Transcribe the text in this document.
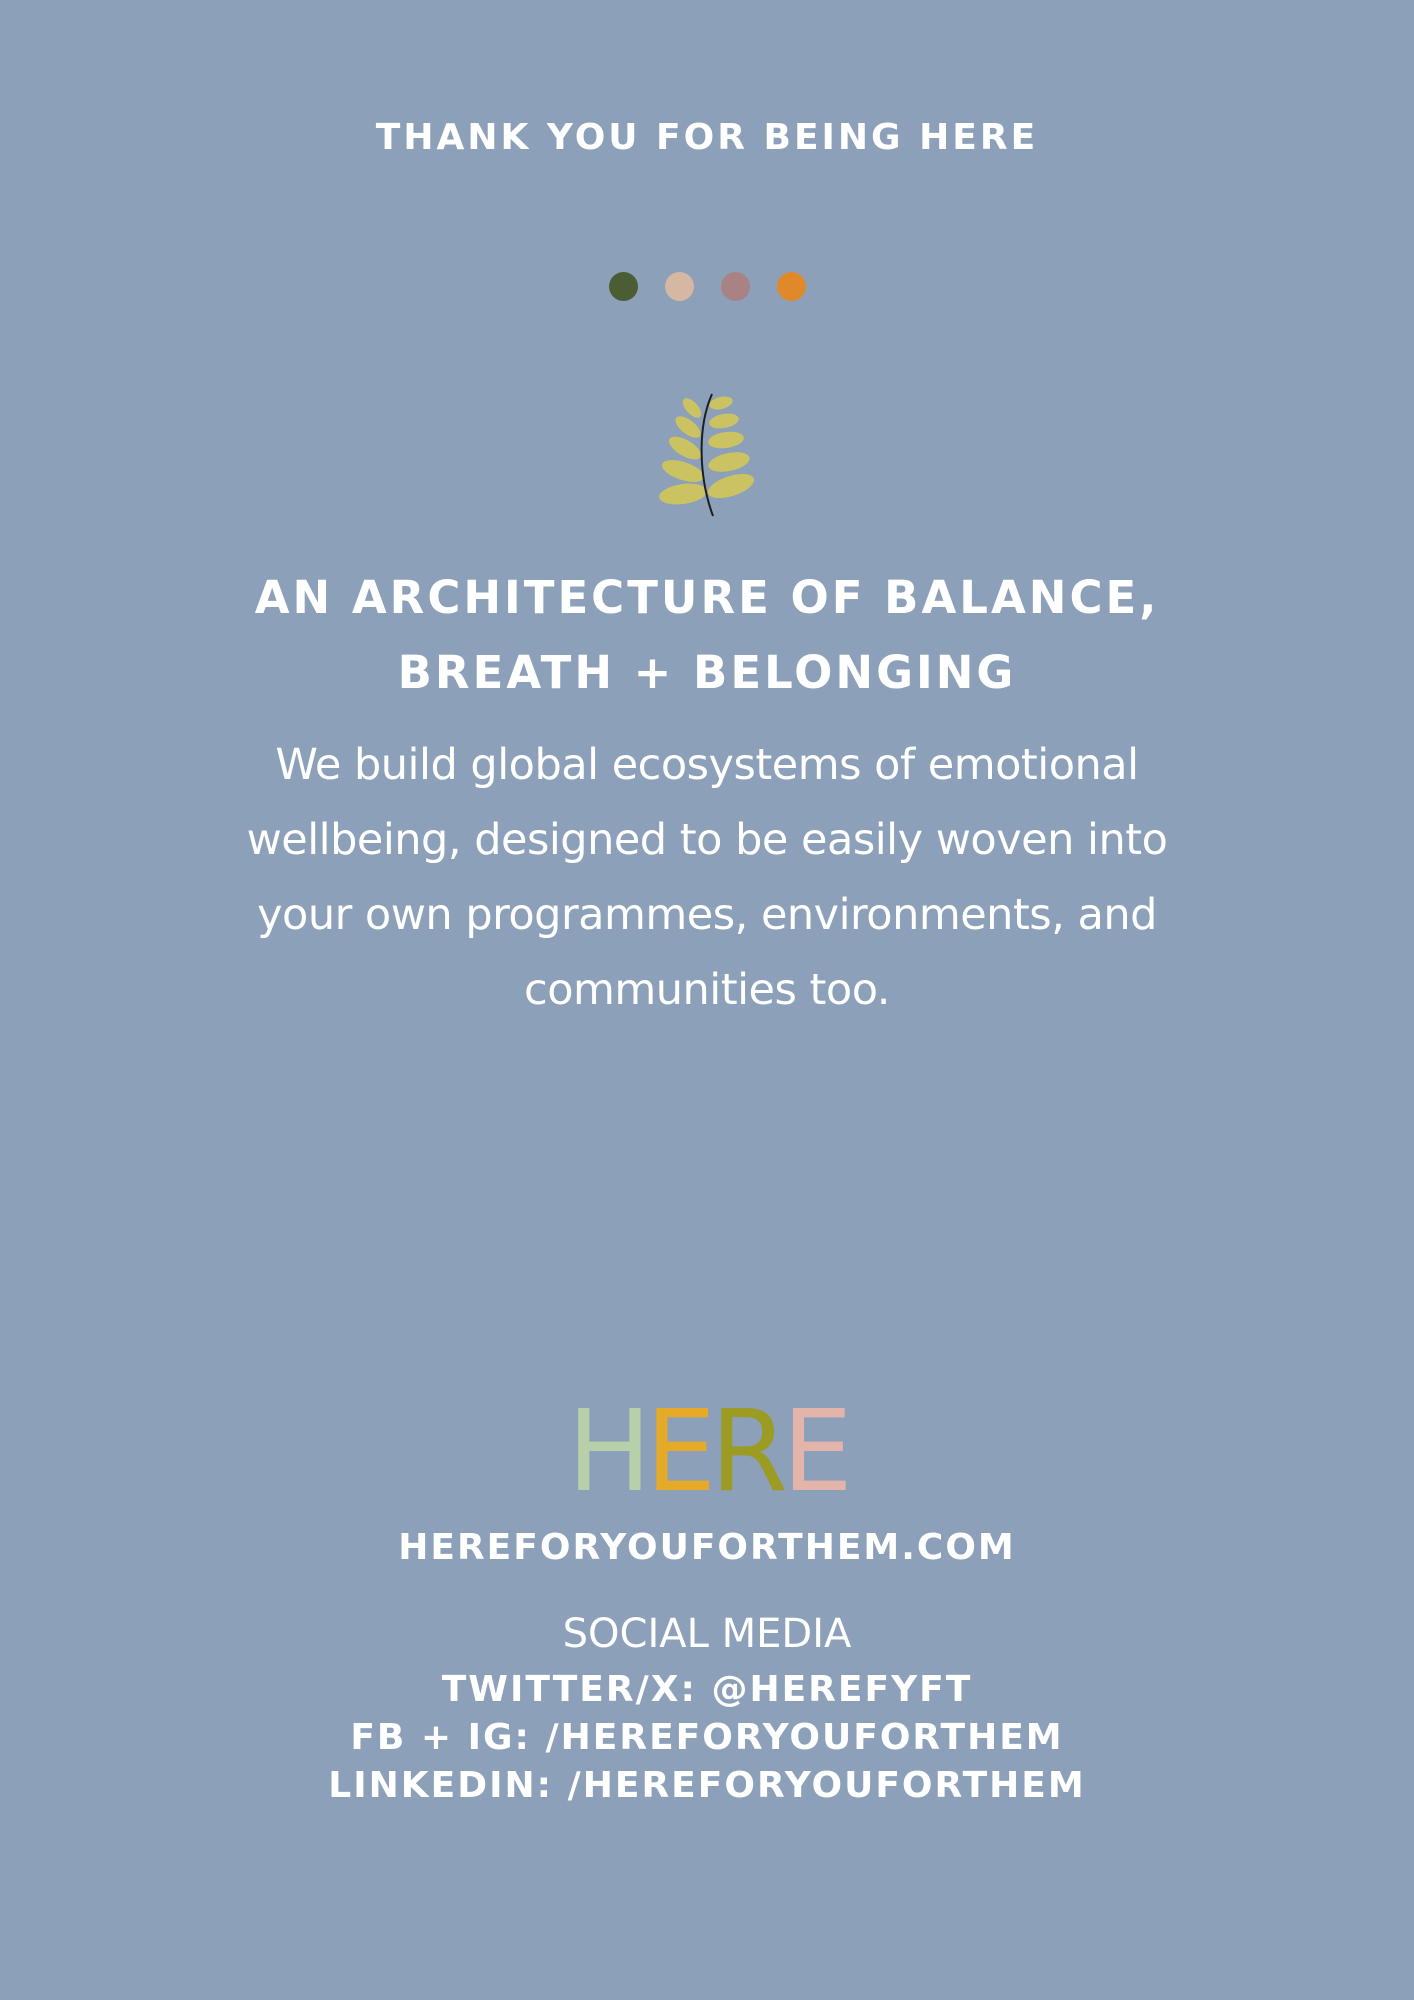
THANK YOU FOR BEING HERE
AN ARCHITECTURE OF BALANCE,
BREATH + BELONGING
We build global ecosystems of emotional
wellbeing, designed to be easily woven into
your own programmes, environments, and
communities too.
HERE
HEREFORYOUFORTHEM.COM
SOCIAL MEDIA
TWITTER/X: @HEREFYFT
FB + IG: /HEREFORYOUFORTHEM
LINKEDIN: /HEREFORYOUFORTHEM
